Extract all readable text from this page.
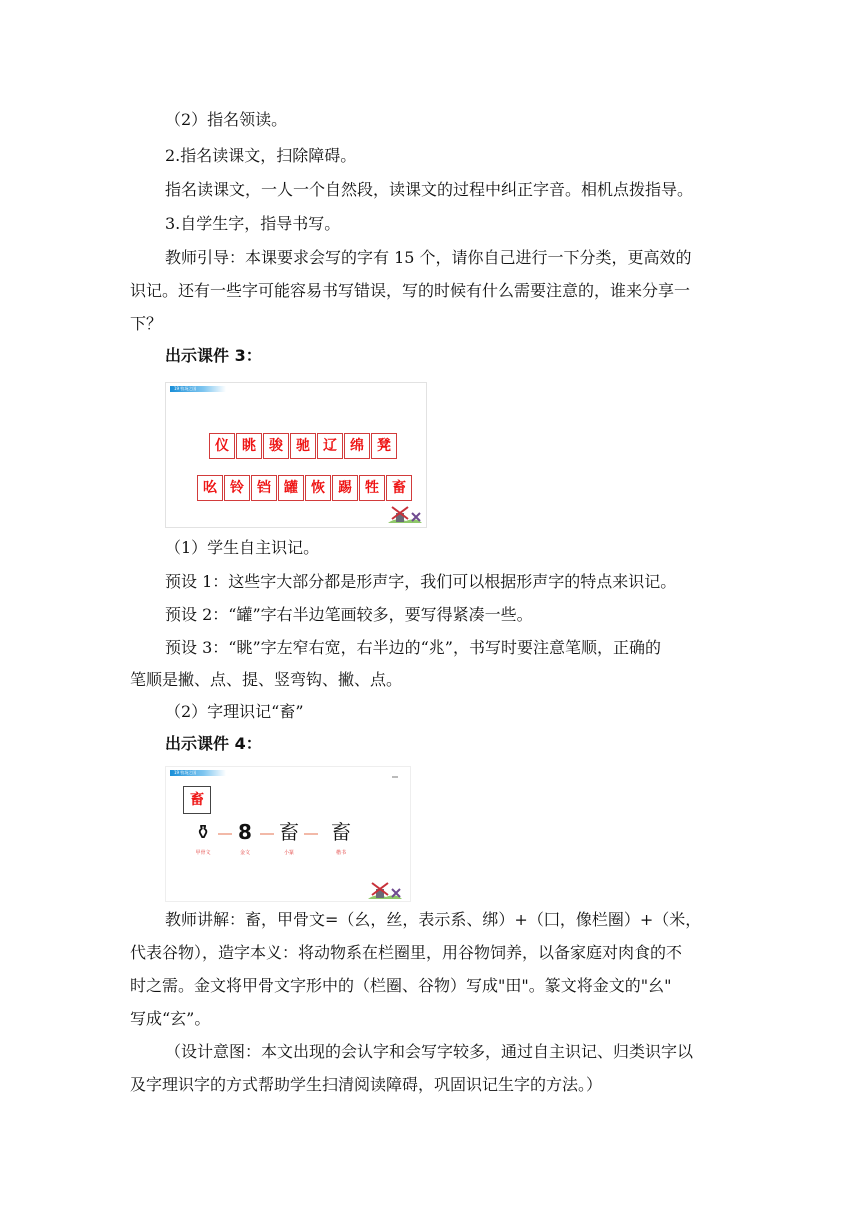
（2）指名领读。
2.指名读课文，扫除障碍。
指名读课文，一人一个自然段，读课文的过程中纠正字音。相机点拨指导。
3.自学生字，指导书写。
教师引导：本课要求会写的字有 15 个，请你自己进行一下分类，更高效的
识记。还有一些字可能容易书写错误，写的时候有什么需要注意的，谁来分享一
下？
出示课件 3：
19 牧场之国
仪 眺 骏 驰 辽 绵 凳
吆 铃 铛 罐 恢 踢 牲 畜
（1）学生自主识记。
预设 1：这些字大部分都是形声字，我们可以根据形声字的特点来识记。
预设 2：“罐”字右半边笔画较多，要写得紧凑一些。
预设 3：“眺”字左窄右宽，右半边的“兆”，书写时要注意笔顺，正确的
笔顺是撇、点、提、竖弯钩、撇、点。
（2）字理识记“畜”
出示课件 4：
19 牧场之国
畜
⚱	8	畜 畜
甲骨文	金文	小篆	楷书
教师讲解：畜，甲骨文=（幺，丝，表示系、绑）+（囗，像栏圈）+（米，
代表谷物），造字本义：将动物系在栏圈里，用谷物饲养，以备家庭对肉食的不
时之需。金文将甲骨文字形中的（栏圈、谷物）写成"田"。篆文将金文的"幺"
写成“玄”。
（设计意图：本文出现的会认字和会写字较多，通过自主识记、归类识字以
及字理识字的方式帮助学生扫清阅读障碍，巩固识记生字的方法。）
